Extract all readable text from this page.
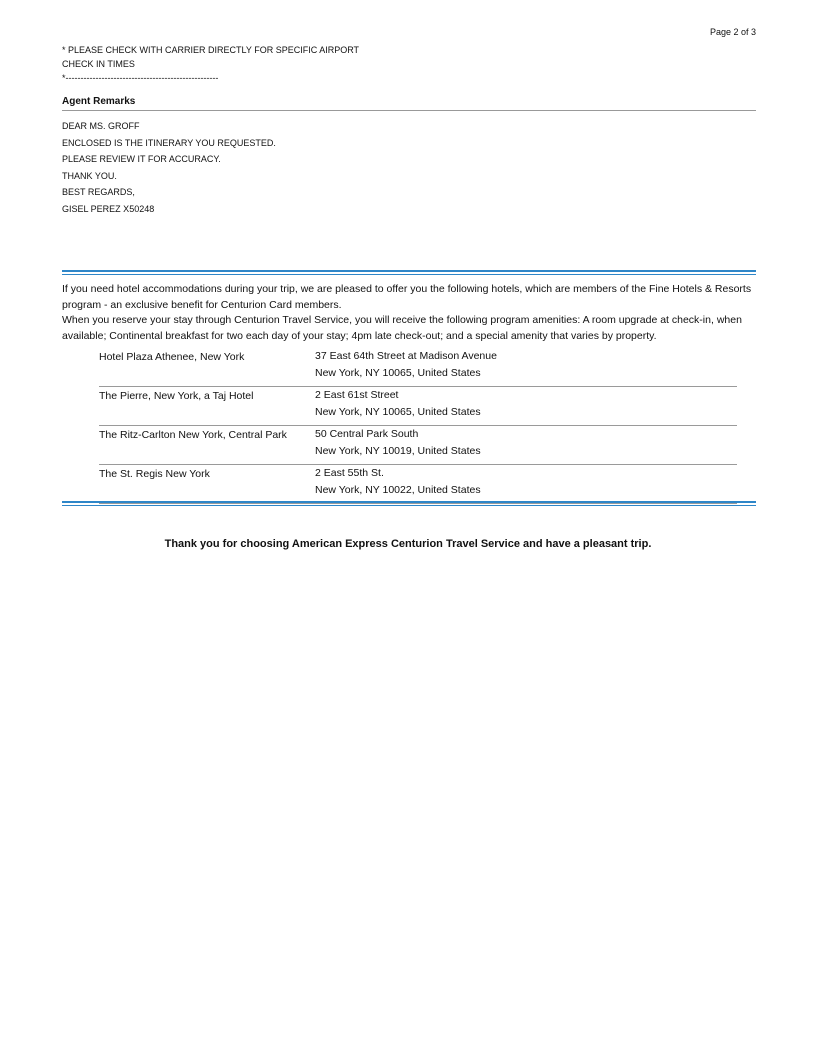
Page 2 of 3
* PLEASE CHECK WITH CARRIER DIRECTLY FOR SPECIFIC AIRPORT
CHECK IN TIMES
*---------------------------------------------------
Agent Remarks
DEAR MS. GROFF
ENCLOSED IS THE ITINERARY YOU REQUESTED.
PLEASE REVIEW IT FOR ACCURACY.
THANK YOU.
BEST REGARDS,
GISEL PEREZ X50248

If you need hotel accommodations during your trip, we are pleased to offer you the following hotels, which are members of the Fine Hotels & Resorts program - an exclusive benefit for Centurion Card members.

When you reserve your stay through Centurion Travel Service, you will receive the following program amenities: A room upgrade at check-in, when available; Continental breakfast for two each day of your stay; 4pm late check-out; and a special amenity that varies by property.

Hotel Plaza Athenee, New York	37 East 64th Street at Madison Avenue
New York, NY 10065, United States
The Pierre, New York, a Taj Hotel	2 East 61st Street
New York, NY 10065, United States
The Ritz-Carlton New York, Central Park	50 Central Park South
New York, NY 10019, United States
The St. Regis New York	2 East 55th St.
New York, NY 10022, United States
Thank you for choosing American Express Centurion Travel Service and have a pleasant trip.
